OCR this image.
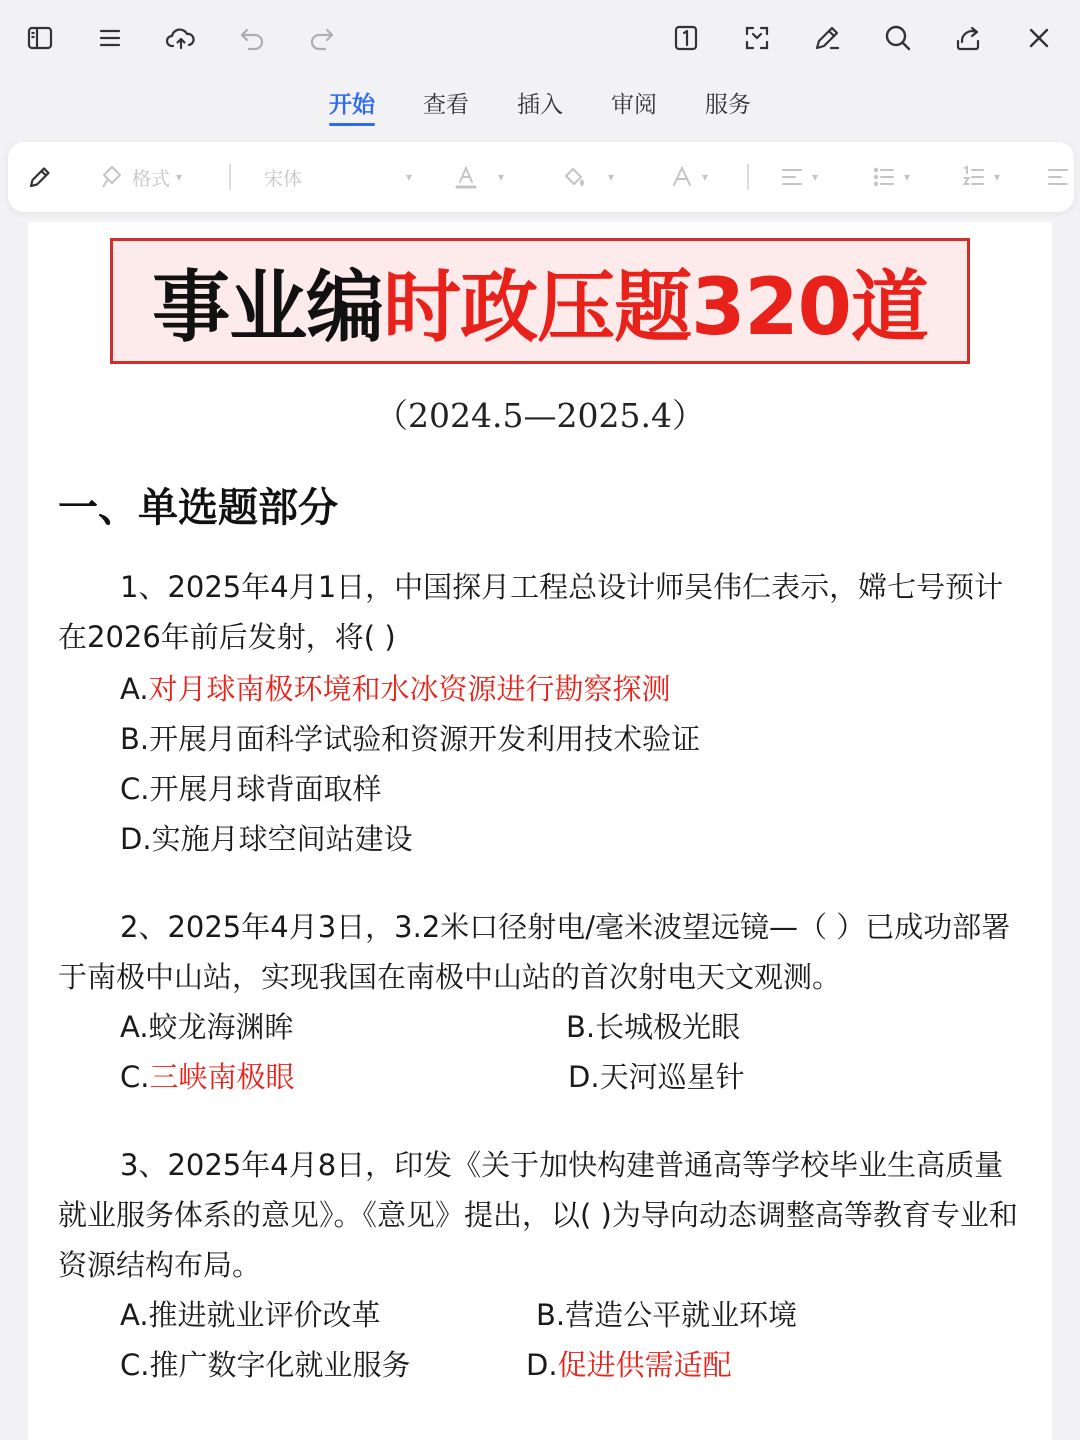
开始 查看 插入 审阅 服务
格式 ▾	宋体	▾	▾	▾	▾	▾	▾	▾
事业编 时政压题320道
（2024.5—2025.4）
一、单选题部分
1、2025年4月1日，中国探月工程总设计师吴伟仁表示，嫦七号预计在2026年前后发射，将( )
A.对月球南极环境和水冰资源进行勘察探测
B.开展月面科学试验和资源开发利用技术验证
C.开展月球背面取样
D.实施月球空间站建设
2、2025年4月3日，3.2米口径射电/毫米波望远镜—（ ）已成功部署于南极中山站，实现我国在南极中山站的首次射电天文观测。
A.蛟龙海渊眸	B.长城极光眼
C.三峡南极眼	D.天河巡星针
3、2025年4月8日，印发《关于加快构建普通高等学校毕业生高质量就业服务体系的意见》。《意见》提出，以( )为导向动态调整高等教育专业和资源结构布局。
A.推进就业评价改革	B.营造公平就业环境
C.推广数字化就业服务	D.促进供需适配
